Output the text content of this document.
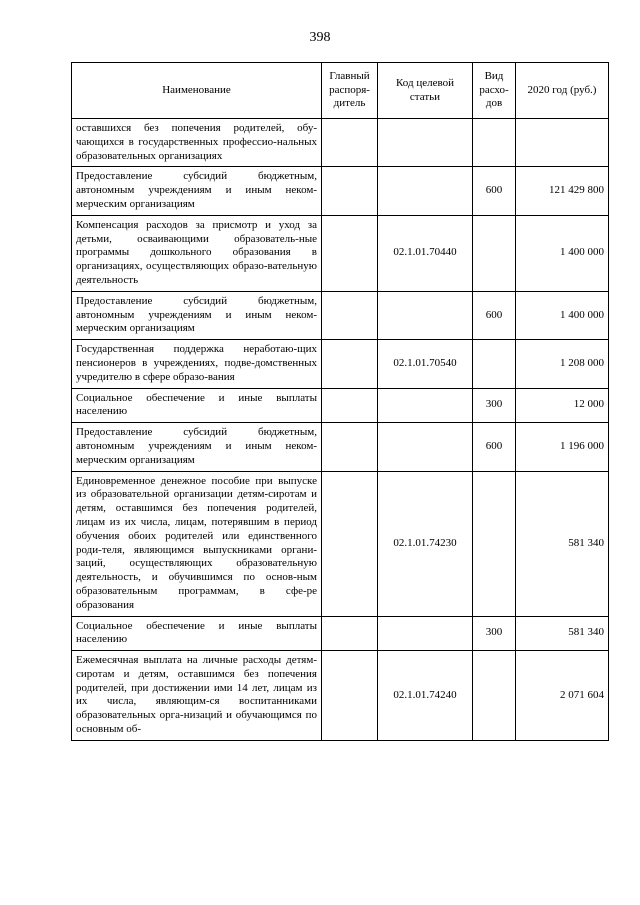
398
Наименование	Главный распоря-дитель	Код целевой статьи	Вид расхо-дов	2020 год (руб.)
оставшихся без попечения родителей, обу-чающихся в государственных профессио-нальных образовательных организациях				
Предоставление субсидий бюджетным, автономным учреждениям и иным неком-мерческим организациям			600	121 429 800
Компенсация расходов за присмотр и уход за детьми, осваивающими образователь-ные программы дошкольного образования в организациях, осуществляющих образо-вательную деятельность		02.1.01.70440		1 400 000
Предоставление субсидий бюджетным, автономным учреждениям и иным неком-мерческим организациям			600	1 400 000
Государственная поддержка неработаю-щих пенсионеров в учреждениях, подве-домственных учредителю в сфере образо-вания		02.1.01.70540		1 208 000
Социальное обеспечение и иные выплаты населению			300	12 000
Предоставление субсидий бюджетным, автономным учреждениям и иным неком-мерческим организациям			600	1 196 000
Единовременное денежное пособие при выпуске из образовательной организации детям-сиротам и детям, оставшимся без попечения родителей, лицам из их числа, лицам, потерявшим в период обучения обоих родителей или единственного роди-теля, являющимся выпускниками органи-заций, осуществляющих образовательную деятельность, и обучившимся по основ-ным образовательным программам, в сфе-ре образования		02.1.01.74230		581 340
Социальное обеспечение и иные выплаты населению			300	581 340
Ежемесячная выплата на личные расходы детям-сиротам и детям, оставшимся без попечения родителей, при достижении ими 14 лет, лицам из их числа, являющим-ся воспитанниками образовательных орга-низаций и обучающимся по основным об-		02.1.01.74240		2 071 604
